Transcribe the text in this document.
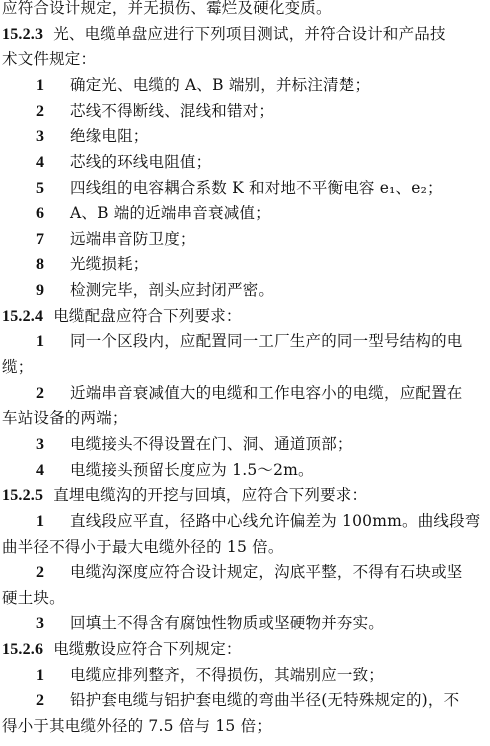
应符合设计规定，并无损伤、霉烂及硬化变质。
15.2.3 光、电缆单盘应进行下列项目测试，并符合设计和产品技
术文件规定：
1 确定光、电缆的 A、B 端别，并标注清楚；
2 芯线不得断线、混线和错对；
3 绝缘电阻；
4 芯线的环线电阻值；
5 四线组的电容耦合系数 K 和对地不平衡电容 e₁、e₂；
6 A、B 端的近端串音衰减值；
7 远端串音防卫度；
8 光缆损耗；
9 检测完毕，剖头应封闭严密。
15.2.4 电缆配盘应符合下列要求：
1 同一个区段内，应配置同一工厂生产的同一型号结构的电
缆；
2 近端串音衰减值大的电缆和工作电容小的电缆，应配置在
车站设备的两端；
3 电缆接头不得设置在门、洞、通道顶部；
4 电缆接头预留长度应为 1.5～2m。
15.2.5 直埋电缆沟的开挖与回填，应符合下列要求：
1 直线段应平直，径路中心线允许偏差为 100mm。曲线段弯
曲半径不得小于最大电缆外径的 15 倍。
2 电缆沟深度应符合设计规定，沟底平整，不得有石块或坚
硬土块。
3 回填土不得含有腐蚀性物质或坚硬物并夯实。
15.2.6 电缆敷设应符合下列规定：
1 电缆应排列整齐，不得损伤，其端别应一致；
2 铅护套电缆与铝护套电缆的弯曲半径(无特殊规定的)，不
得小于其电缆外径的 7.5 倍与 15 倍；
